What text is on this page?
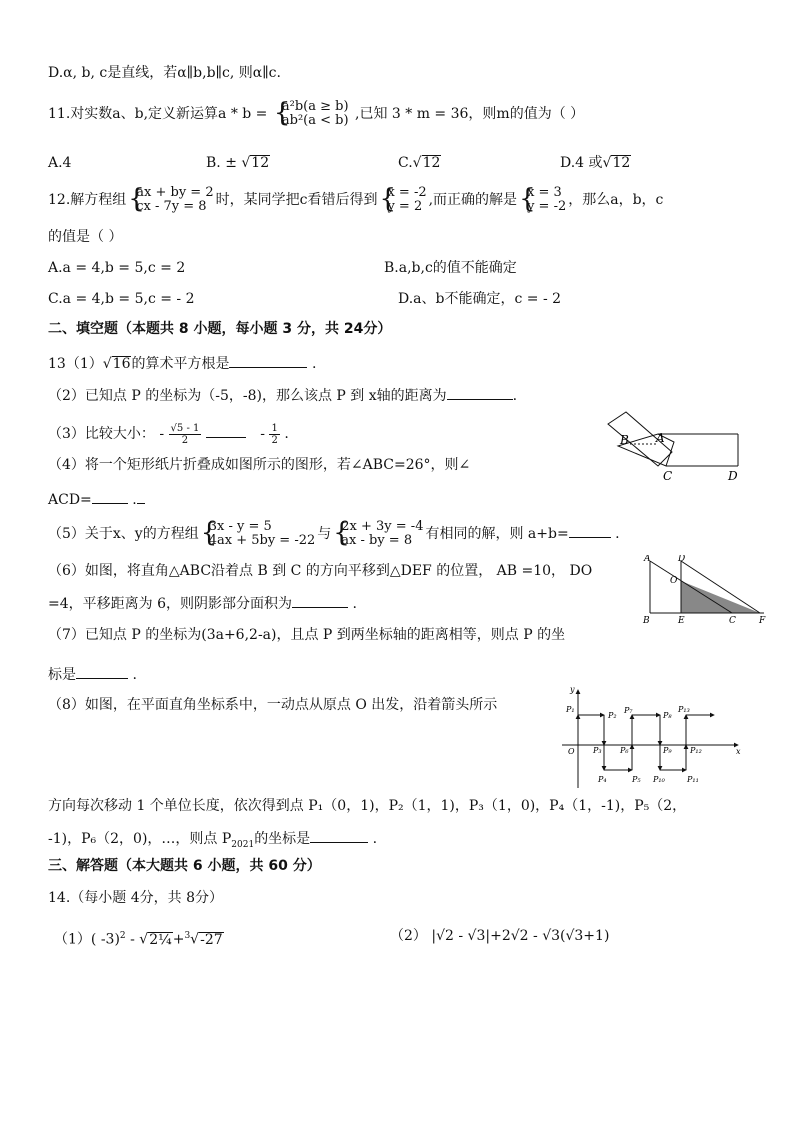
D.α, b, c是直线，若α∥b,b∥c, 则α∥c.
11.对实数a、b,定义新运算a * b = {
a²b(a ≥ b)
ab²(a < b) ,已知 3 * m = 36，则m的值为（ ）
A.4	B. ± √12	C.√12	D.4 或√12
12.解方程组 {
ax + by = 2
cx - 7y = 8 时，某同学把c看错后得到 {
x = -2
y = 2 ,而正确的解是 {
x = 3
y = -2 ，那么a，b，c
的值是（ ）
A.a = 4,b = 5,c = 2	B.a,b,c的值不能确定
C.a = 4,b = 5,c = - 2	D.a、b不能确定，c = - 2
二、填空题（本题共 8 小题，每小题 3 分，共 24分）
13（1）√16的算术平方根是	.
（2）已知点 P 的坐标为（-5，-8)，那么该点 P 到 x轴的距离为	.
（3）比较大小： - $\frac{√5 - 1}{2}$	- $\frac{1}{2}$ .
（4）将一个矩形纸片折叠成如图所示的图形，若∠ABC=26°，则∠
ACD=	.
B A
C	D
（5）关于x、y的方程组 {
3x - y = 5
4ax + 5by = -22 与 {
2x + 3y = -4
ax - by = 8 有相同的解，则 a+b=	.
（6）如图，将直角△ABC沿着点 B 到 C 的方向平移到△DEF 的位置， AB =10， DO
=4，平移距离为 6，则阴影部分面积为	.
A	D
O
B	E	C	F
（7）已知点 P 的坐标为(3a+6,2-a)，且点 P 到两坐标轴的距离相等，则点 P 的坐
标是	.
（8）如图，在平面直角坐标系中，一动点从原点 O 出发，沿着箭头所示
y
x
O
P₁
P₂
P₃
P₄	P₅
P₆
P₇
P₈
P₉
P₁₀	P₁₁
P₁₂
P₁₃
方向每次移动 1 个单位长度，依次得到点 P₁（0，1)，P₂（1，1)，P₃（1，0)，P₄（1，-1)，P₅（2，
-1)，P₆（2，0)，…，则点 $P_{2021}$的坐标是	.
三、解答题（本大题共 6 小题，共 60 分）
14.（每小题 4分，共 8分）
（1）( -3)$^2$ - √2¼+$^3$√-27	（2） |√2 - √3|+2√2 - √3(√3+1)
